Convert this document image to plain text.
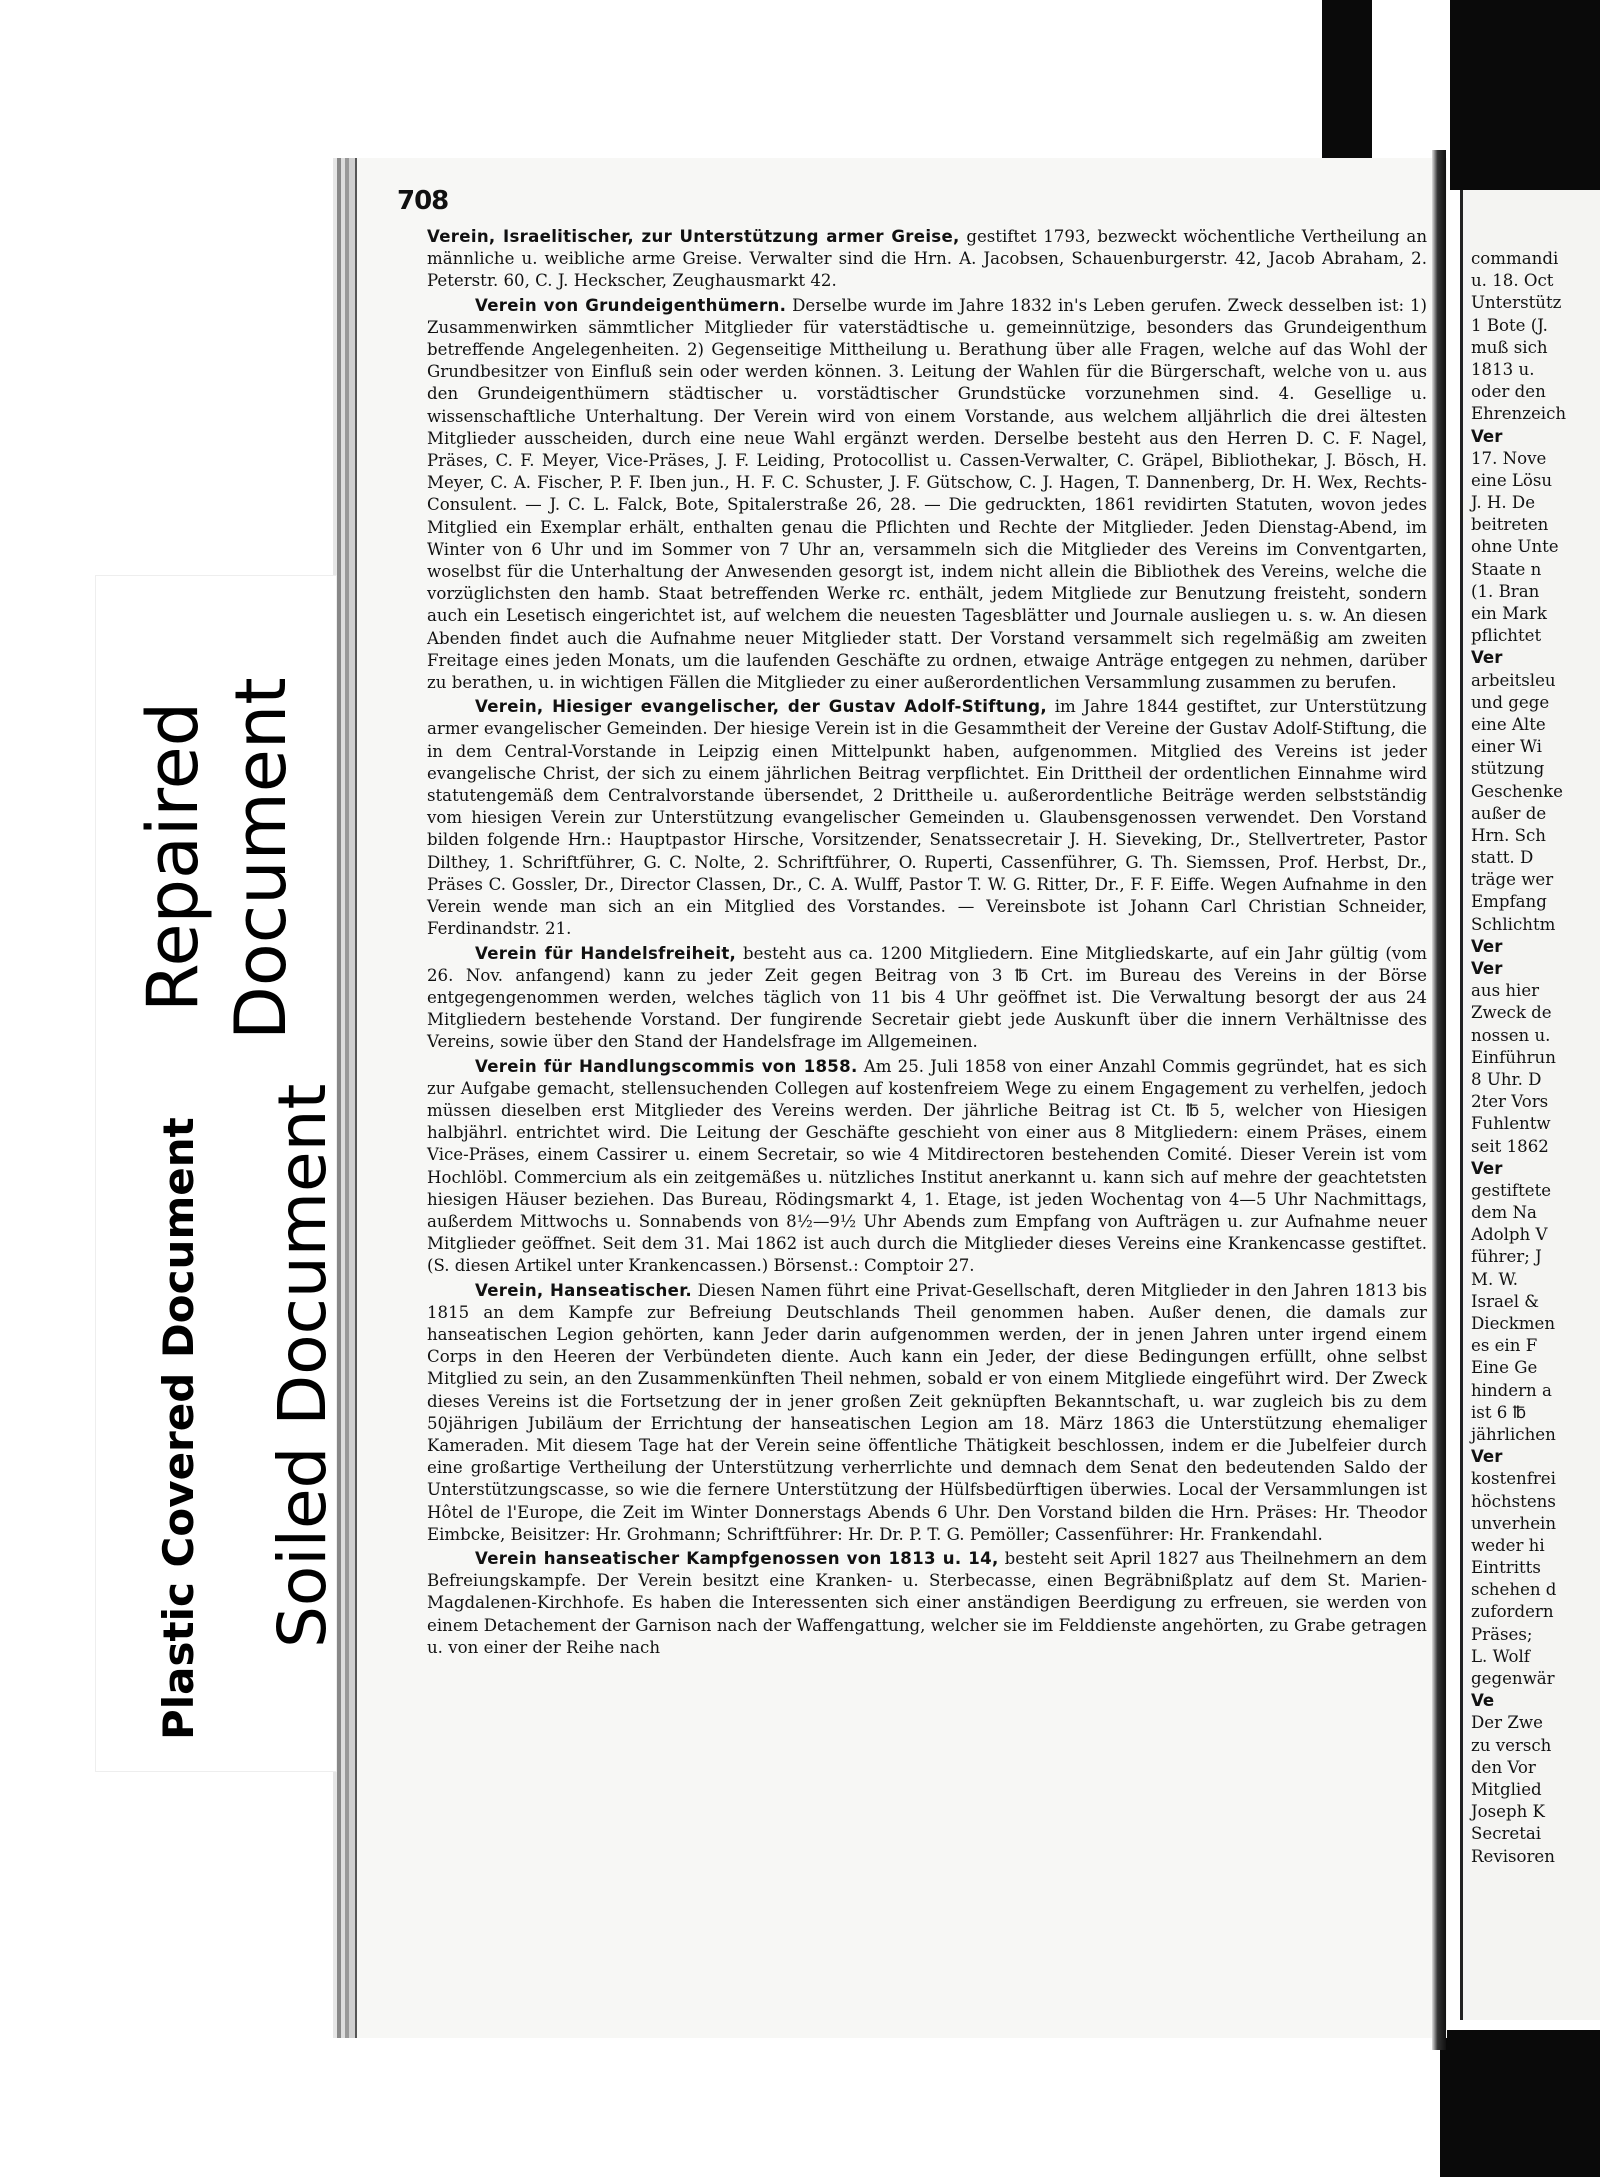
708

Verein, Israelitischer, zur Unterstützung armer Greise, gestiftet 1793, bezweckt wöchentliche Vertheilung an männliche u. weibliche arme Greise. Verwalter sind die Hrn. A. Jacobsen, Schauenburgerstr. 42, Jacob Abraham, 2. Peterstr. 60, C. J. Heckscher, Zeughausmarkt 42.

Verein von Grundeigenthümern. Derselbe wurde im Jahre 1832 in's Leben gerufen. Zweck desselben ist: 1) Zusammenwirken sämmtlicher Mitglieder für vaterstädtische u. gemeinnützige, besonders das Grundeigenthum betreffende Angelegenheiten. 2) Gegenseitige Mittheilung u. Berathung über alle Fragen, welche auf das Wohl der Grundbesitzer von Einfluß sein oder werden können. 3. Leitung der Wahlen für die Bürgerschaft, welche von u. aus den Grundeigenthümern städtischer u. vorstädtischer Grundstücke vorzunehmen sind. 4. Gesellige u. wissenschaftliche Unterhaltung. Der Verein wird von einem Vorstande, aus welchem alljährlich die drei ältesten Mitglieder ausscheiden, durch eine neue Wahl ergänzt werden. Derselbe besteht aus den Herren D. C. F. Nagel, Präses, C. F. Meyer, Vice-Präses, J. F. Leiding, Protocollist u. Cassen-Verwalter, C. Gräpel, Bibliothekar, J. Bösch, H. Meyer, C. A. Fischer, P. F. Iben jun., H. F. C. Schuster, J. F. Gütschow, C. J. Hagen, T. Dannenberg, Dr. H. Wex, Rechts-Consulent. — J. C. L. Falck, Bote, Spitalerstraße 26, 28. — Die gedruckten, 1861 revidirten Statuten, wovon jedes Mitglied ein Exemplar erhält, enthalten genau die Pflichten und Rechte der Mitglieder. Jeden Dienstag-Abend, im Winter von 6 Uhr und im Sommer von 7 Uhr an, versammeln sich die Mitglieder des Vereins im Conventgarten, woselbst für die Unterhaltung der Anwesenden gesorgt ist, indem nicht allein die Bibliothek des Vereins, welche die vorzüglichsten den hamb. Staat betreffenden Werke rc. enthält, jedem Mitgliede zur Benutzung freisteht, sondern auch ein Lesetisch eingerichtet ist, auf welchem die neuesten Tagesblätter und Journale ausliegen u. s. w. An diesen Abenden findet auch die Aufnahme neuer Mitglieder statt. Der Vorstand versammelt sich regelmäßig am zweiten Freitage eines jeden Monats, um die laufenden Geschäfte zu ordnen, etwaige Anträge entgegen zu nehmen, darüber zu berathen, u. in wichtigen Fällen die Mitglieder zu einer außerordentlichen Versammlung zusammen zu berufen.

Verein, Hiesiger evangelischer, der Gustav Adolf-Stiftung, im Jahre 1844 gestiftet, zur Unterstützung armer evangelischer Gemeinden. Der hiesige Verein ist in die Gesammtheit der Vereine der Gustav Adolf-Stiftung, die in dem Central-Vorstande in Leipzig einen Mittelpunkt haben, aufgenommen. Mitglied des Vereins ist jeder evangelische Christ, der sich zu einem jährlichen Beitrag verpflichtet. Ein Drittheil der ordentlichen Einnahme wird statutengemäß dem Centralvorstande übersendet, 2 Drittheile u. außerordentliche Beiträge werden selbstständig vom hiesigen Verein zur Unterstützung evangelischer Gemeinden u. Glaubensgenossen verwendet. Den Vorstand bilden folgende Hrn.: Hauptpastor Hirsche, Vorsitzender, Senatssecretair J. H. Sieveking, Dr., Stellvertreter, Pastor Dilthey, 1. Schriftführer, G. C. Nolte, 2. Schriftführer, O. Ruperti, Cassenführer, G. Th. Siemssen, Prof. Herbst, Dr., Präses C. Gossler, Dr., Director Classen, Dr., C. A. Wulff, Pastor T. W. G. Ritter, Dr., F. F. Eiffe. Wegen Aufnahme in den Verein wende man sich an ein Mitglied des Vorstandes. — Vereinsbote ist Johann Carl Christian Schneider, Ferdinandstr. 21.

Verein für Handelsfreiheit, besteht aus ca. 1200 Mitgliedern. Eine Mitgliedskarte, auf ein Jahr gültig (vom 26. Nov. anfangend) kann zu jeder Zeit gegen Beitrag von 3 ℔ Crt. im Bureau des Vereins in der Börse entgegengenommen werden, welches täglich von 11 bis 4 Uhr geöffnet ist. Die Verwaltung besorgt der aus 24 Mitgliedern bestehende Vorstand. Der fungirende Secretair giebt jede Auskunft über die innern Verhältnisse des Vereins, sowie über den Stand der Handelsfrage im Allgemeinen.

Verein für Handlungscommis von 1858. Am 25. Juli 1858 von einer Anzahl Commis gegründet, hat es sich zur Aufgabe gemacht, stellensuchenden Collegen auf kostenfreiem Wege zu einem Engagement zu verhelfen, jedoch müssen dieselben erst Mitglieder des Vereins werden. Der jährliche Beitrag ist Ct. ℔ 5, welcher von Hiesigen halbjährl. entrichtet wird. Die Leitung der Geschäfte geschieht von einer aus 8 Mitgliedern: einem Präses, einem Vice-Präses, einem Cassirer u. einem Secretair, so wie 4 Mitdirectoren bestehenden Comité. Dieser Verein ist vom Hochlöbl. Commercium als ein zeitgemäßes u. nützliches Institut anerkannt u. kann sich auf mehre der geachtetsten hiesigen Häuser beziehen. Das Bureau, Rödingsmarkt 4, 1. Etage, ist jeden Wochentag von 4—5 Uhr Nachmittags, außerdem Mittwochs u. Sonnabends von 8½—9½ Uhr Abends zum Empfang von Aufträgen u. zur Aufnahme neuer Mitglieder geöffnet. Seit dem 31. Mai 1862 ist auch durch die Mitglieder dieses Vereins eine Krankencasse gestiftet. (S. diesen Artikel unter Krankencassen.) Börsenst.: Comptoir 27.

Verein, Hanseatischer. Diesen Namen führt eine Privat-Gesellschaft, deren Mitglieder in den Jahren 1813 bis 1815 an dem Kampfe zur Befreiung Deutschlands Theil genommen haben. Außer denen, die damals zur hanseatischen Legion gehörten, kann Jeder darin aufgenommen werden, der in jenen Jahren unter irgend einem Corps in den Heeren der Verbündeten diente. Auch kann ein Jeder, der diese Bedingungen erfüllt, ohne selbst Mitglied zu sein, an den Zusammenkünften Theil nehmen, sobald er von einem Mitgliede eingeführt wird. Der Zweck dieses Vereins ist die Fortsetzung der in jener großen Zeit geknüpften Bekanntschaft, u. war zugleich bis zu dem 50jährigen Jubiläum der Errichtung der hanseatischen Legion am 18. März 1863 die Unterstützung ehemaliger Kameraden. Mit diesem Tage hat der Verein seine öffentliche Thätigkeit beschlossen, indem er die Jubelfeier durch eine großartige Vertheilung der Unterstützung verherrlichte und demnach dem Senat den bedeutenden Saldo der Unterstützungscasse, so wie die fernere Unterstützung der Hülfsbedürftigen überwies. Local der Versammlungen ist Hôtel de l'Europe, die Zeit im Winter Donnerstags Abends 6 Uhr. Den Vorstand bilden die Hrn. Präses: Hr. Theodor Eimbcke, Beisitzer: Hr. Grohmann; Schriftführer: Hr. Dr. P. T. G. Pemöller; Cassenführer: Hr. Frankendahl.

Verein hanseatischer Kampfgenossen von 1813 u. 14, besteht seit April 1827 aus Theilnehmern an dem Befreiungskampfe. Der Verein besitzt eine Kranken- u. Sterbecasse, einen Begräbnißplatz auf dem St. Marien-Magdalenen-Kirchhofe. Es haben die Interessenten sich einer anständigen Beerdigung zu erfreuen, sie werden von einem Detachement der Garnison nach der Waffengattung, welcher sie im Felddienste angehörten, zu Grabe getragen u. von einer der Reihe nach

commandi
u. 18. Oct
Unterstütz
1 Bote (J.
muß sich
1813 u.
oder den
Ehrenzeich
Ver
17. Nove
eine Lösu
J. H. De
beitreten
ohne Unte
Staate n
(1. Bran
ein Mark
pflichtet
Ver
arbeitsleu
und gege
eine Alte
einer Wi
stützung
Geschenke
außer de
Hrn. Sch
statt. D
träge wer
Empfang
Schlichtm
Ver
Ver
aus hier
Zweck de
nossen u.
Einführun
8 Uhr. D
2ter Vors
Fuhlentw
seit 1862
Ver
gestiftete
dem Na
Adolph V
führer; J
M. W.
Israel &
Dieckmen
es ein F
Eine Ge
hindern a
ist 6 ℔
jährlichen
Ver
kostenfrei
höchstens
unverhein
weder hi
Eintritts
schehen d
zufordern
Präses;
L. Wolf
gegenwär
Ve
Der Zwe
zu versch
den Vor
Mitglied
Joseph K
Secretai
Revisoren
Repaired Document
Soiled Document
Plastic Covered Document
